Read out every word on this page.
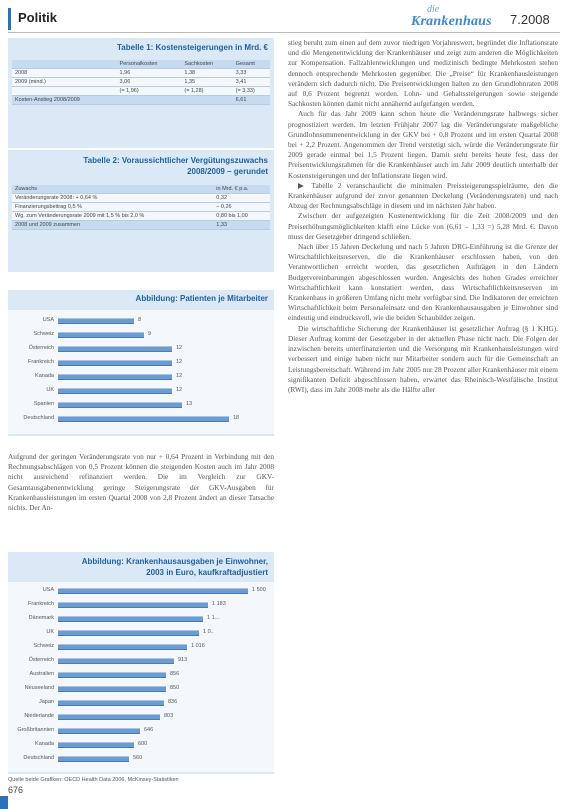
Politik
die
Krankenhaus 7.2008
Tabelle 1: Kostensteigerungen in Mrd. €
	Personalkosten	Sachkosten	Gesamt
2008	1,96	1,38	3,33
2009 (mind.)	3,06	1,35	3,41
	(= 1,96)	(= 1,28)	(= 3,33)
Kosten-Anstieg 2008/2009			6,61
Tabelle 2: Voraussichtlicher Vergütungszuwachs 2008/2009 – gerundet
Zuwachs	in Mrd. € p.a.
Veränderungsrate 2008: + 0,64 %	0,32
Finanzierungsbeitrag 0,5 %	– 0,26
Wg. zum Veränderungsrate 2009 mit 1,5 % bis 2,0 %	0,80 bis 1,00
2008 und 2009 zusammen	1,33
Abbildung: Patienten je Mitarbeiter
USA	8
Schweiz	9
Österreich	12
Frankreich	12
Kanada	12
UK	12
Spanien	13
Deutschland	18

Aufgrund der geringen Veränderungsrate von nur + 0,64 Prozent in Verbindung mit den Rechnungsabschlägen von 0,5 Prozent können die steigenden Kosten auch im Jahr 2008 nicht ausreichend refinanziert werden. Die im Vergleich zur GKV-Gesamtausgabenentwicklung geringe Steigerungsrate der GKV-Ausgaben für Krankenhausleistungen im ersten Quartal 2008 von 2,8 Prozent ändert an dieser Tatsache nichts. Der An-

Abbildung: Krankenhausausgaben je Einwohner,
2003 in Euro, kaufkraftadjustiert
USA	1 500
Frankreich	1 183
Dänemark	1 1...
UK	1 0..
Schweiz	1 016
Österreich	913
Australien	856
Neuseeland	850
Japan	836
Niederlande	803
Großbritannien	646
Kanada	600
Deutschland	560
Quelle beide Grafiken: OECD Health Data 2006, McKinsey-Statistiken

stieg beruht zum einen auf dem zuvor niedrigen Vorjahreswert, begründet die Inflationsrate und die Mengenentwicklung der Krankenhäuser und zeigt zum anderen die Möglichkeiten zur Kompensation. Fallzahlentwicklungen und medizinisch bedingte Mehrkosten stehen dennoch entsprechende Mehrkosten gegenüber. Die „Preise“ für Krankenhausleistungen verändern sich dadurch nicht. Die Preisentwicklungen halten zu den Grundlohnraten 2008 auf 0,6 Prozent begrenzt worden. Lohn- und Gehaltssteigerungen sowie steigende Sachkosten können damit nicht annähernd aufgefangen werden.

Auch für das Jahr 2009 kann schon heute die Veränderungsrate halbwegs sicher prognostiziert werden. Im letzten Frühjahr 2007 lag die Veränderungsrate maßgebliche Grundlohnsummenentwicklung in der GKV bei + 0,8 Prozent und im ersten Quartal 2008 bei + 2,2 Prozent. Angenommen der Trend verstetigt sich, würde die Veränderungsrate für 2009 gerade einmal bei 1,5 Prozent liegen. Damit steht bereits heute fest, dass der Preisentwicklungsrahmen für die Krankenhäuser auch im Jahr 2009 deutlich unterhalb der Kostensteigerungen und der Inflationsrate liegen wird.

▶ Tabelle 2 veranschaulicht die minimalen Preissteigerungsspielräume, den die Krankenhäuser aufgrund der zuvor genannten Deckelung (Veränderungsraten) und nach Abzug der Rechnungsabschläge in diesem und im nächsten Jahr haben.

Zwischen der aufgezeigten Kostenentwicklung für die Zeit 2008/2009 und den Preiserhöhungsmöglichkeiten klafft eine Lücke von (6,61 – 1,33 =) 5,28 Mrd. €. Davon muss der Gesetzgeber dringend schließen.

Nach über 15 Jahren Deckelung und nach 5 Jahren DRG-Einführung ist die Grenze der Wirtschaftlichkeitsreserven, die die Krankenhäuser erschlossen haben, von den Verantwortlichen erreicht worden, das gesetzlichen Aufträgen in den Ländern Budgetvereinbarungen abgeschlossen wurden. Angesichts des hohen Grades erreichter Wirtschaftlichkeit kann konstatiert werden, dass Wirtschaftlichkeitsreserven im Krankenhaus in größeren Umfang nicht mehr verfügbar sind. Die Indikatoren der erreichten Wirtschaftlichkeit beim Personaleinsatz und den Krankenhausausgaben je Einwohner sind eindeutig und eindrucksvoll, wie die beiden Schaubilder zeigen.

Die wirtschaftliche Sicherung der Krankenhäuser ist gesetzlicher Auftrag (§ 1 KHG). Dieser Auftrag kommt der Gesetzgeber in der aktuellen Phase nicht nach. Die Folgen der inzwischen bereits unterfinanzierten und die Versorgung mit Krankenhausleistungen wird verbessert und einige haben nicht nur Mitarbeiter sondern auch für die Gemeinschaft an Leistungsbereitschaft. Während im Jahr 2005 nur 28 Prozent aller Krankenhäuser mit einem signifikanten Defizit abgeschlossen haben, erwartet das Rheinisch-Westfälische Institut (RWI), dass im Jahr 2008 mehr als die Hälfte aller

676
